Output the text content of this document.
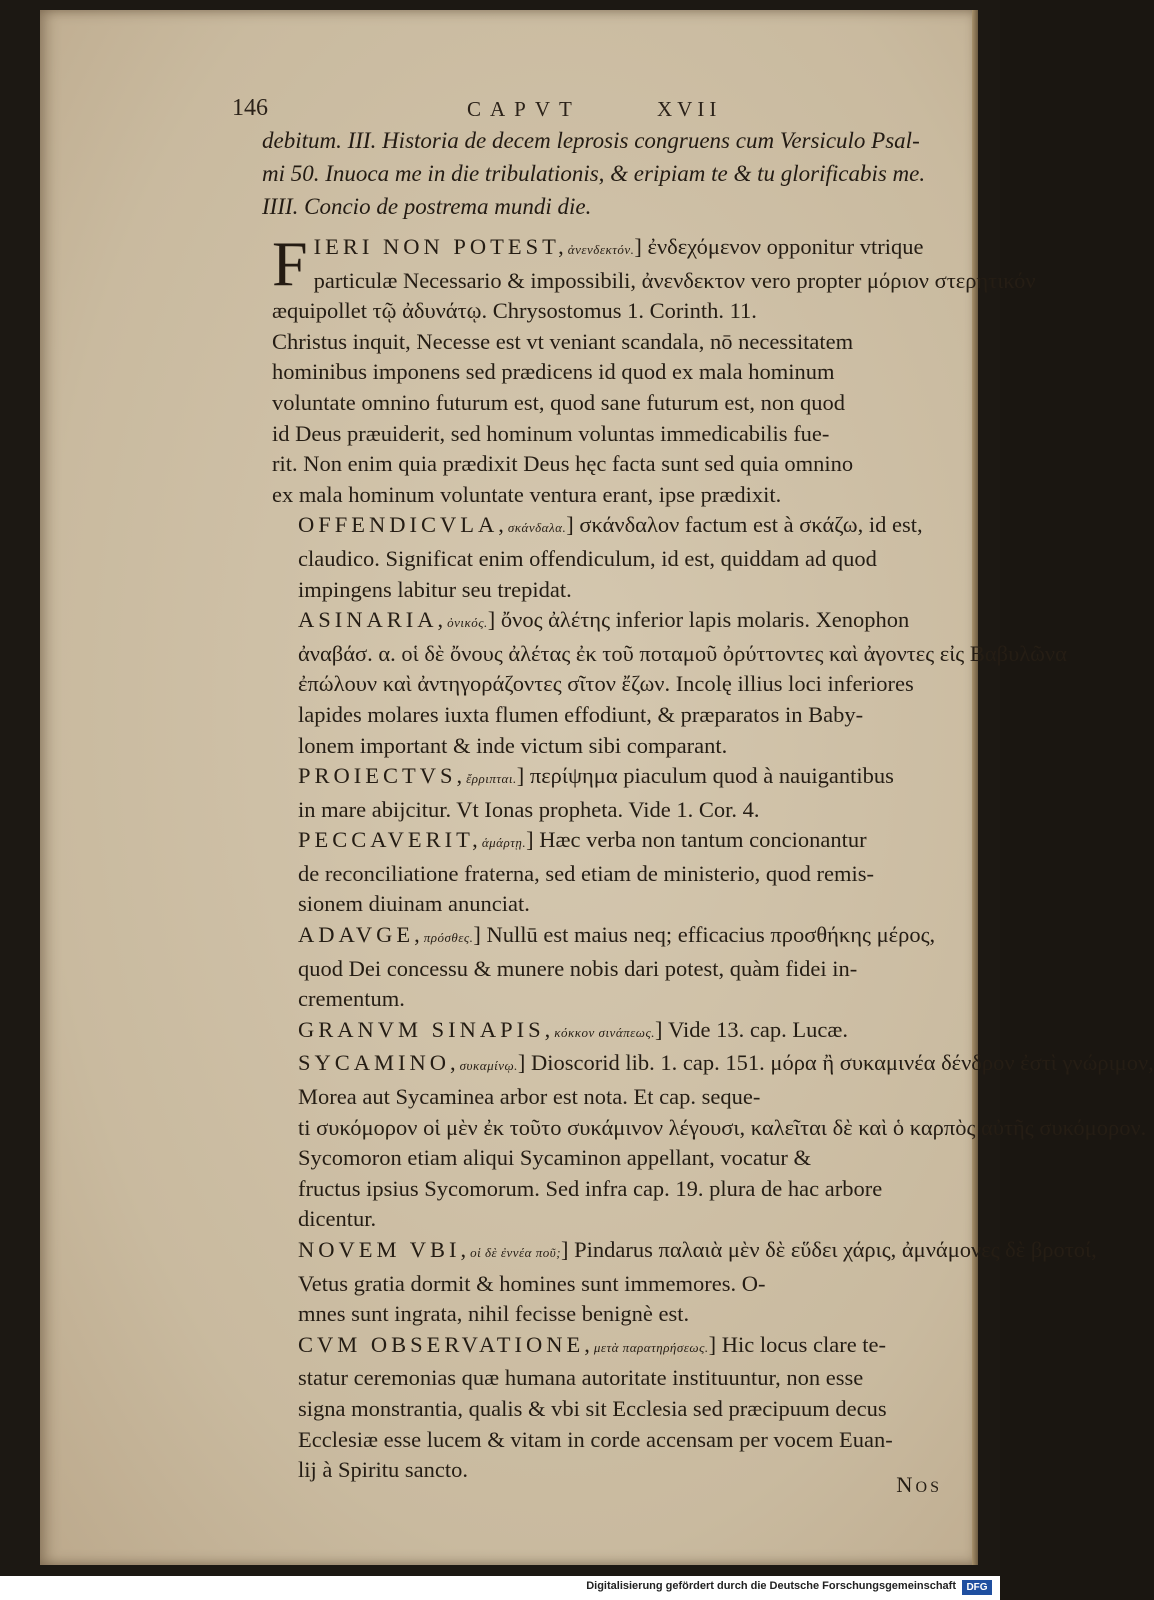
146	CAPVT	XVII
debitum. III. Historia de decem leprosis congruens cum Versiculo Psal-
mi 50. Inuoca me in die tribulationis, & eripiam te & tu glorificabis me.
IIII. Concio de postrema mundi die.
F IERI NON POTEST,ἀνενδεκτόν.] ἐνδεχόμενον opponitur vtrique
particulæ Necessario & impossibili, ἀνενδεκτον vero propter μόριον στερητικόν
æquipollet τῷ ἀδυνάτῳ. Chrysostomus 1. Corinth. 11.
Christus inquit, Necesse est vt veniant scandala, nō necessitatem
hominibus imponens sed prædicens id quod ex mala hominum
voluntate omnino futurum est, quod sane futurum est, non quod
id Deus præuiderit, sed hominum voluntas immedicabilis fue-
rit. Non enim quia prædixit Deus hęc facta sunt sed quia omnino
ex mala hominum voluntate ventura erant, ipse prædixit.
OFFENDICVLA,σκάνδαλα.] σκάνδαλον factum est à σκάζω, id est,
claudico. Significat enim offendiculum, id est, quiddam ad quod
impingens labitur seu trepidat.
ASINARIA,ὀνικός.] ὄνος ἀλέτης inferior lapis molaris. Xenophon
ἀναβάσ. α. οἱ δὲ ὄνους ἀλέτας ἐκ τοῦ ποταμοῦ ὀρύττοντες καὶ ἀγοντες εἰς Βαβυλῶνα
ἐπώλουν καὶ ἀντηγοράζοντες σῖτον ἔζων. Incolę illius loci inferiores
lapides molares iuxta flumen effodiunt, & præparatos in Baby-
lonem important & inde victum sibi comparant.
PROIECTVS,ἔρριπται.] περίψημα piaculum quod à nauigantibus
in mare abijcitur. Vt Ionas propheta. Vide 1. Cor. 4.
PECCAVERIT,ἁμάρτῃ.] Hæc verba non tantum concionantur
de reconciliatione fraterna, sed etiam de ministerio, quod remis-
sionem diuinam anunciat.
ADAVGE,πρόσθες.] Nullū est maius neq; efficacius προσθήκης μέρος,
quod Dei concessu & munere nobis dari potest, quàm fidei in-
crementum.
GRANVM SINAPIS,κόκκον σινάπεως.] Vide 13. cap. Lucæ.
SYCAMINO,συκαμίνῳ.] Dioscorid lib. 1. cap. 151. μόρα ἢ συκαμινέα δένδρον ἐστὶ γνώριμον,
Morea aut Sycaminea arbor est nota. Et cap. seque-
ti συκόμορον οἱ μὲν ἐκ τοῦτο συκάμινον λέγουσι, καλεῖται δὲ καὶ ὁ καρπὸς αὐτῆς συκόμορον.
Sycomoron etiam aliqui Sycaminon appellant, vocatur &
fructus ipsius Sycomorum. Sed infra cap. 19. plura de hac arbore
dicentur.
NOVEM VBI,οἱ δὲ ἐννέα ποῦ;] Pindarus παλαιὰ μὲν δὲ εὕδει χάρις, ἀμνάμονες δὲ βροτοί,
Vetus gratia dormit & homines sunt immemores. O-
mnes sunt ingrata, nihil fecisse benignè est.
CVM OBSERVATIONE,μετὰ παρατηρήσεως.] Hic locus clare te-
statur ceremonias quæ humana autoritate instituuntur, non esse
signa monstrantia, qualis & vbi sit Ecclesia sed præcipuum decus
Ecclesiæ esse lucem & vitam in corde accensam per vocem Euan-
lij à Spiritu sancto.
Nos
Digitalisierung gefördert durch die Deutsche Forschungsgemeinschaft	DFG
